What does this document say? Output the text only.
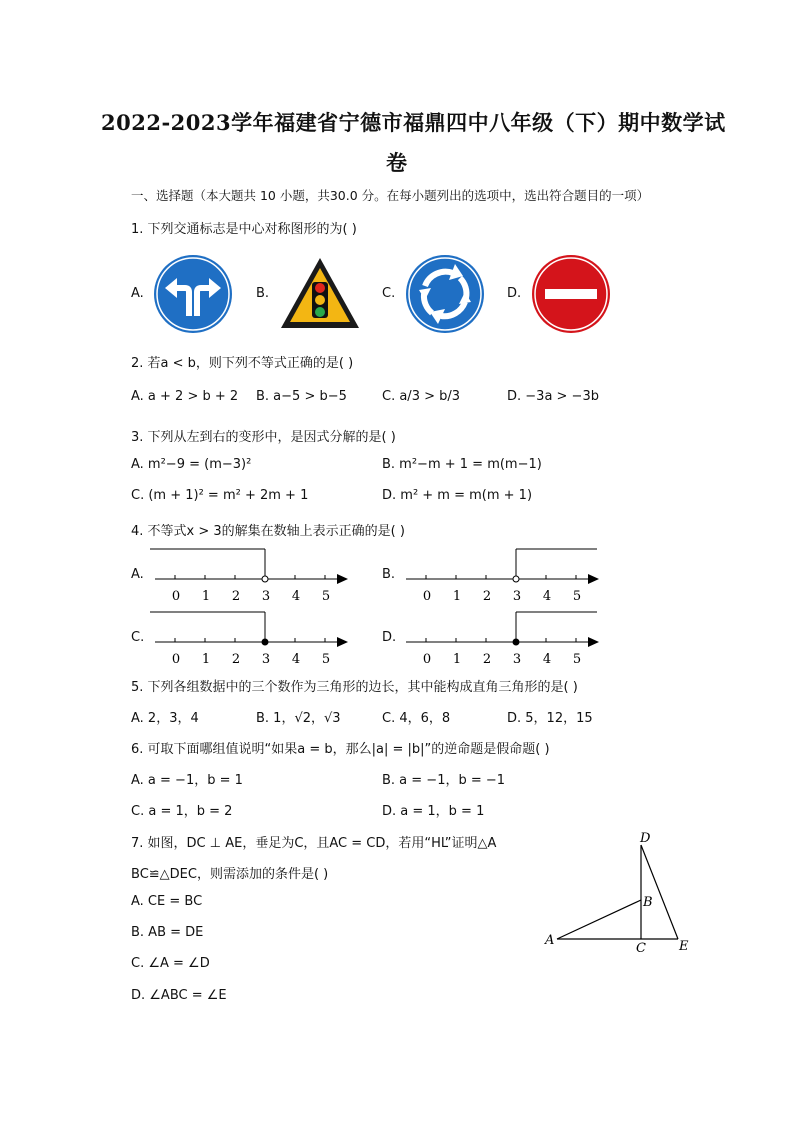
2022-2023学年福建省宁德市福鼎四中八年级（下）期中数学试
卷
一、选择题（本大题共 10 小题，共30.0 分。在每小题列出的选项中，选出符合题目的一项）
1. 下列交通标志是中心对称图形的为( )
A.	B.	C.	D.
2. 若a < b，则下列不等式正确的是( )
A. a + 2 > b + 2 B. a−5 > b−5	C. a/3 > b/3	D. −3a > −3b
3. 下列从左到右的变形中，是因式分解的是( )
A. m²−9 = (m−3)²	B. m²−m + 1 = m(m−1)
C. (m + 1)² = m² + 2m + 1	D. m² + m = m(m + 1)
4. 不等式x > 3的解集在数轴上表示正确的是( )
A.	B.
C.	D.
0 1 2 3 4 5	0 1 2 3 4 5
0 1 2 3 4 5	0 1 2 3 4 5
5. 下列各组数据中的三个数作为三角形的边长，其中能构成直角三角形的是( )
A. 2，3，4	B. 1，√2，√3	C. 4，6，8	D. 5，12，15
6. 可取下面哪组值说明“如果a = b，那么|a| = |b|”的逆命题是假命题( )
A. a = −1，b = 1	B. a = −1，b = −1
C. a = 1，b = 2	D. a = 1，b = 1
7. 如图，DC ⊥ AE，垂足为C，且AC = CD，若用“HL”证明△A
BC≌△DEC，则需添加的条件是( )
A. CE = BC
B. AB = DE
C. ∠A = ∠D
D. ∠ABC = ∠E
D
B
A
C	E
